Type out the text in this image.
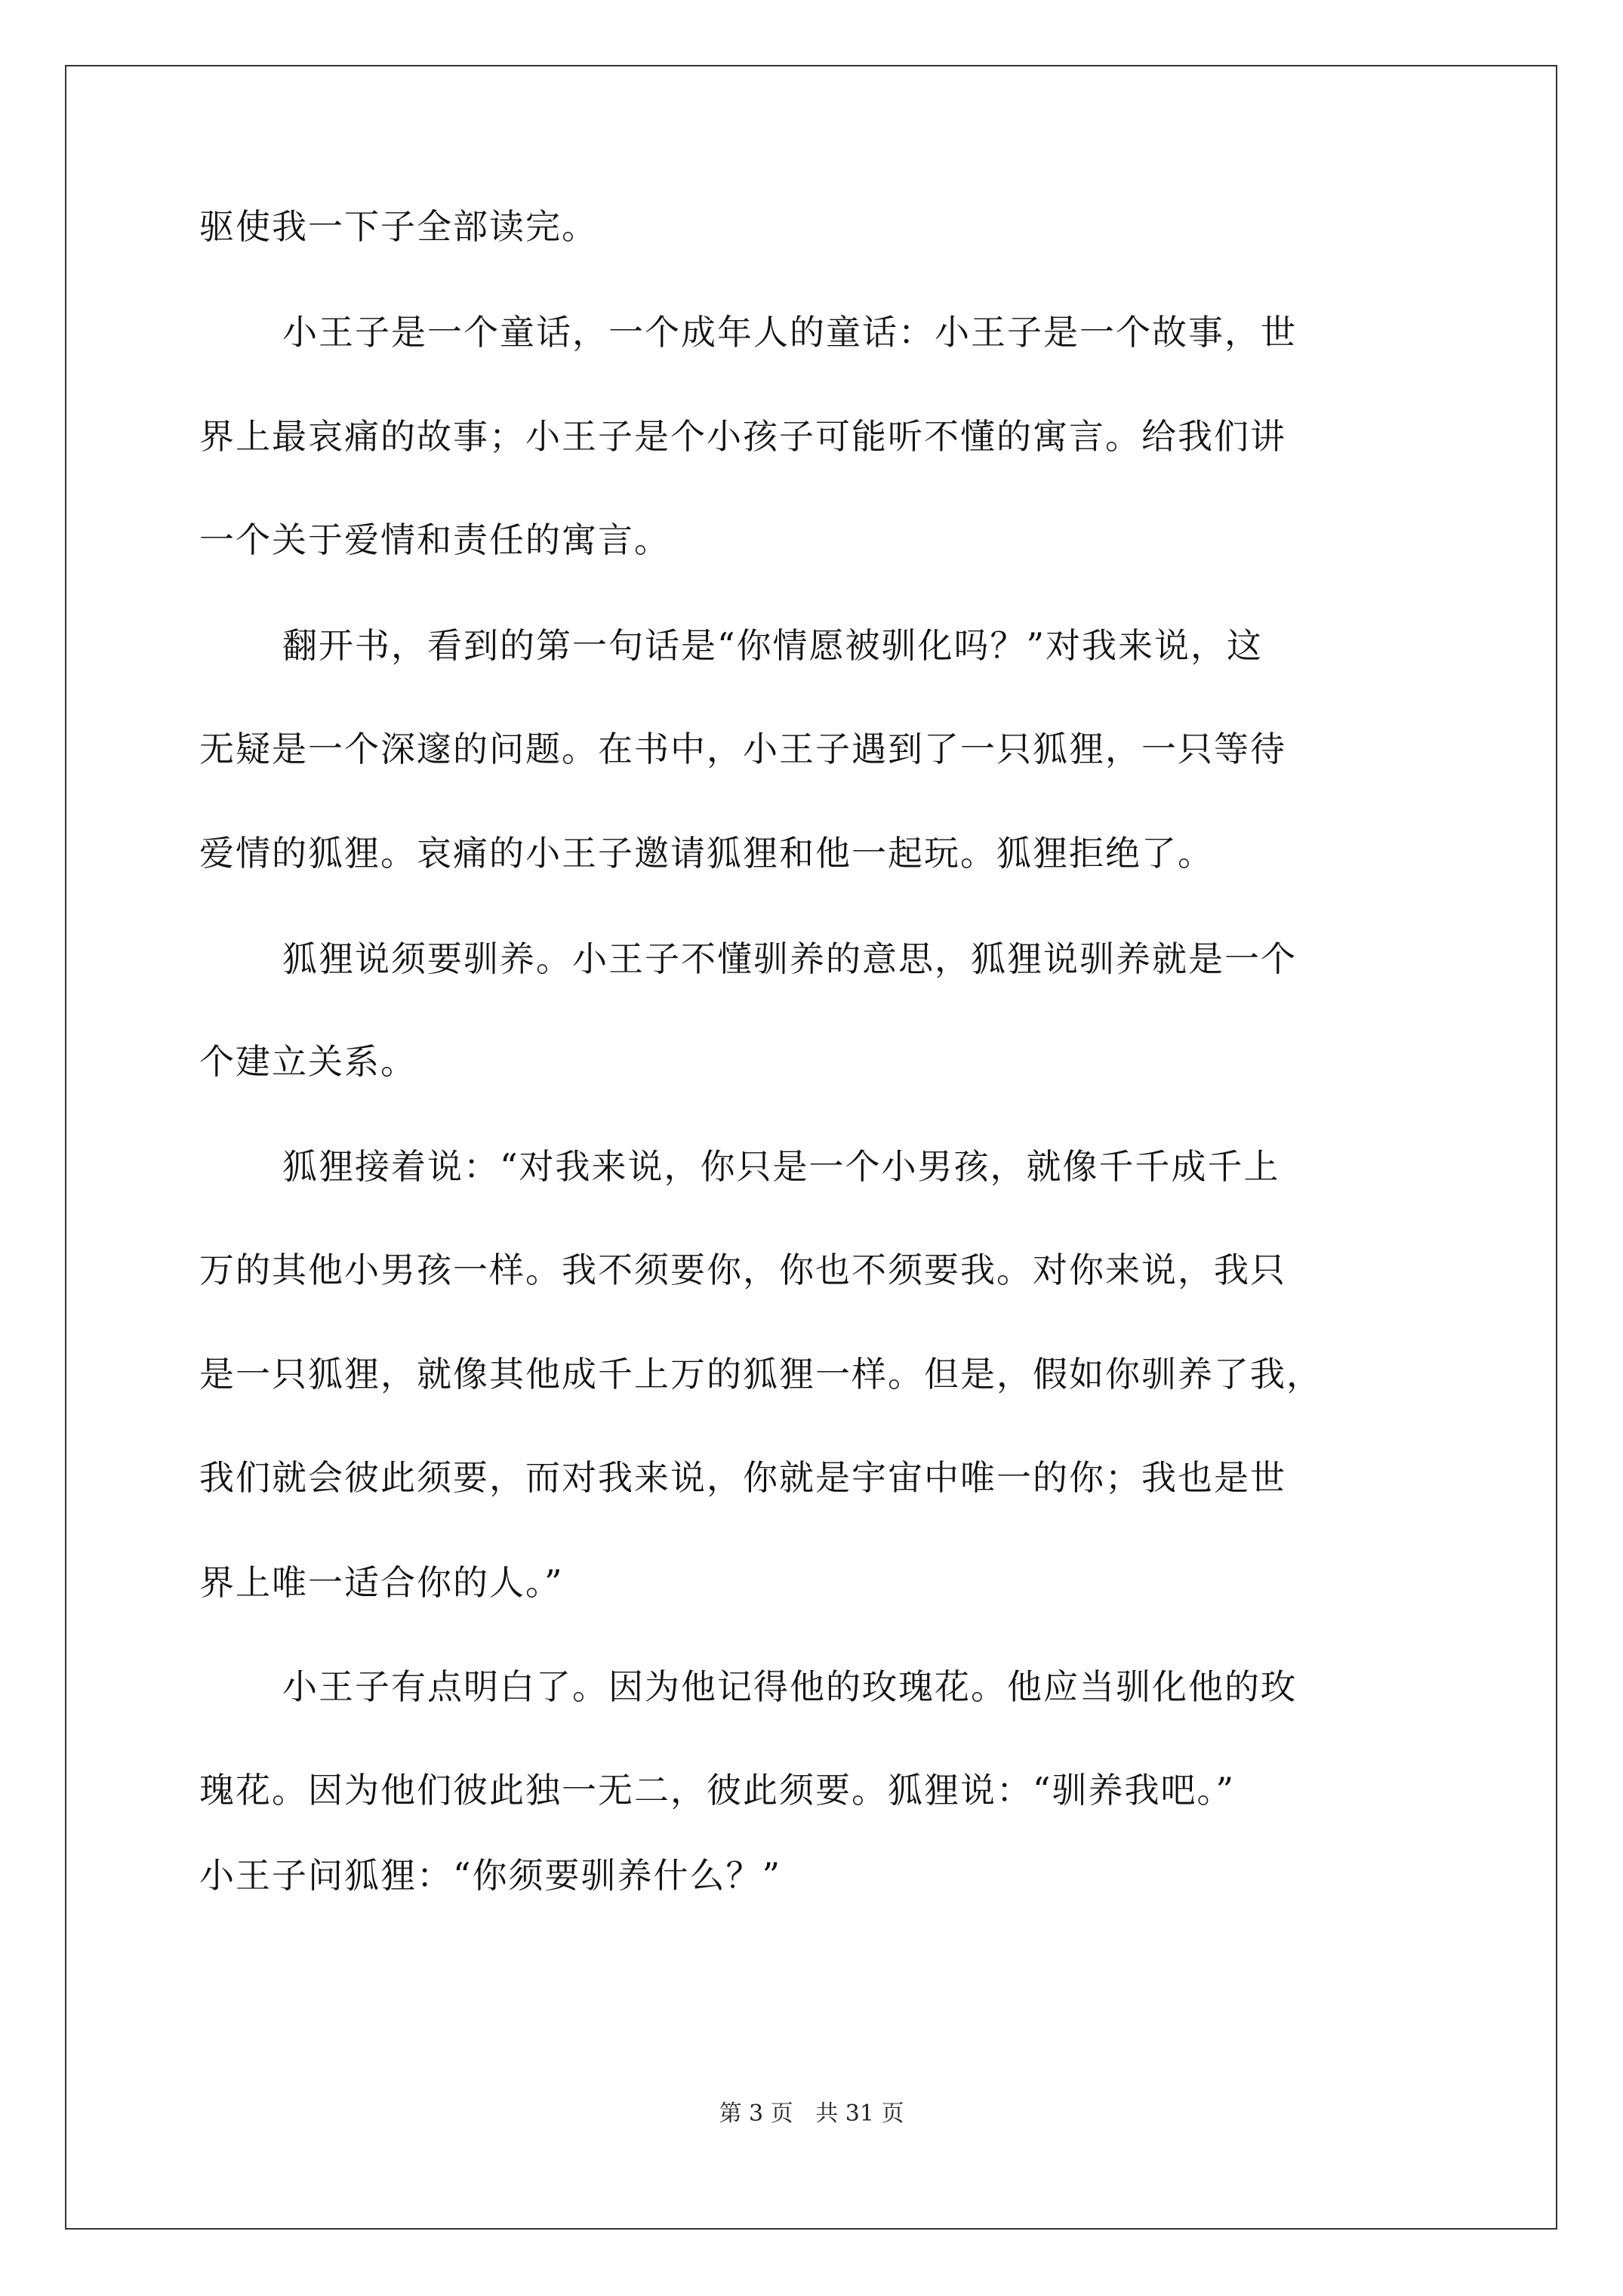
驱使我一下子全部读完。
小王子是一个童话，一个成年人的童话：小王子是一个故事，世
界上最哀痛的故事；小王子是个小孩子可能听不懂的寓言。给我们讲
一个关于爱情和责任的寓言。
翻开书，看到的第一句话是“你情愿被驯化吗？”对我来说，这
无疑是一个深邃的问题。在书中，小王子遇到了一只狐狸，一只等待
爱情的狐狸。哀痛的小王子邀请狐狸和他一起玩。狐狸拒绝了。
狐狸说须要驯养。小王子不懂驯养的意思，狐狸说驯养就是一个
个建立关系。
狐狸接着说：“对我来说，你只是一个小男孩，就像千千成千上
万的其他小男孩一样。我不须要你，你也不须要我。对你来说，我只
是一只狐狸，就像其他成千上万的狐狸一样。但是，假如你驯养了我，
我们就会彼此须要，而对我来说，你就是宇宙中唯一的你；我也是世
界上唯一适合你的人。”
小王子有点明白了。因为他记得他的玫瑰花。他应当驯化他的玫
瑰花。因为他们彼此独一无二，彼此须要。狐狸说：“驯养我吧。”
小王子问狐狸：“你须要驯养什么？”
第 3 页 共 31 页
